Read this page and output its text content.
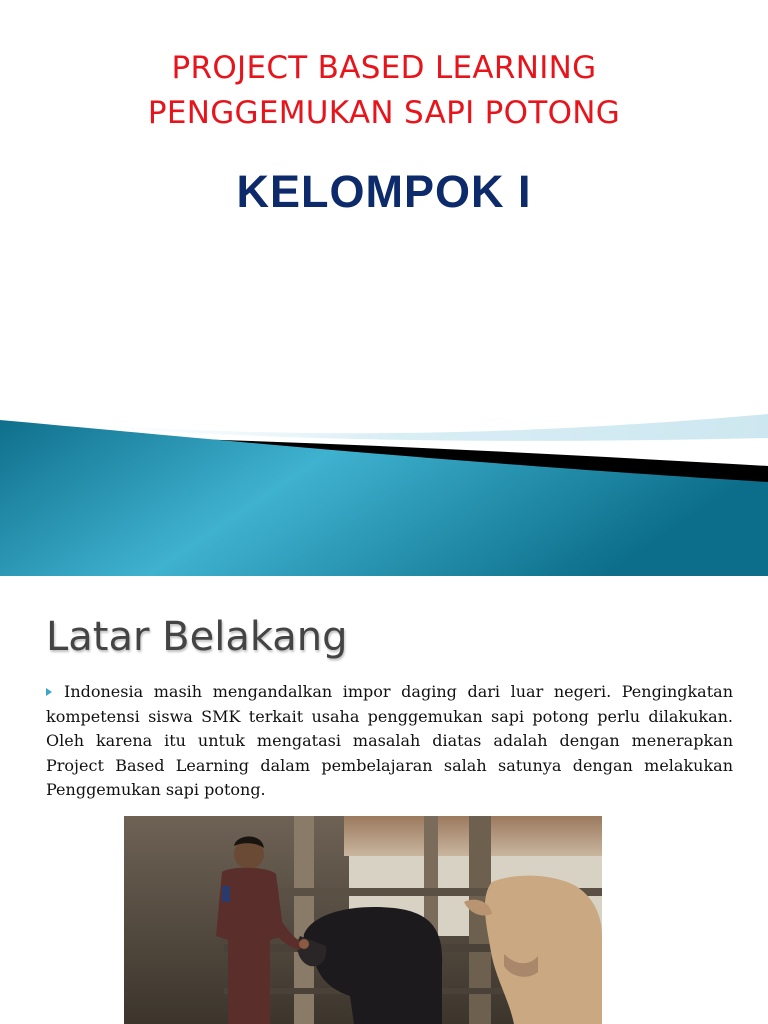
PROJECT BASED LEARNING
PENGGEMUKAN SAPI POTONG
KELOMPOK I
Latar Belakang
Indonesia masih mengandalkan impor daging dari luar negeri. Pengingkatan kompetensi siswa SMK terkait usaha penggemukan sapi potong perlu dilakukan. Oleh karena itu untuk mengatasi masalah diatas adalah dengan menerapkan Project Based Learning dalam pembelajaran salah satunya dengan melakukan Penggemukan sapi potong.
